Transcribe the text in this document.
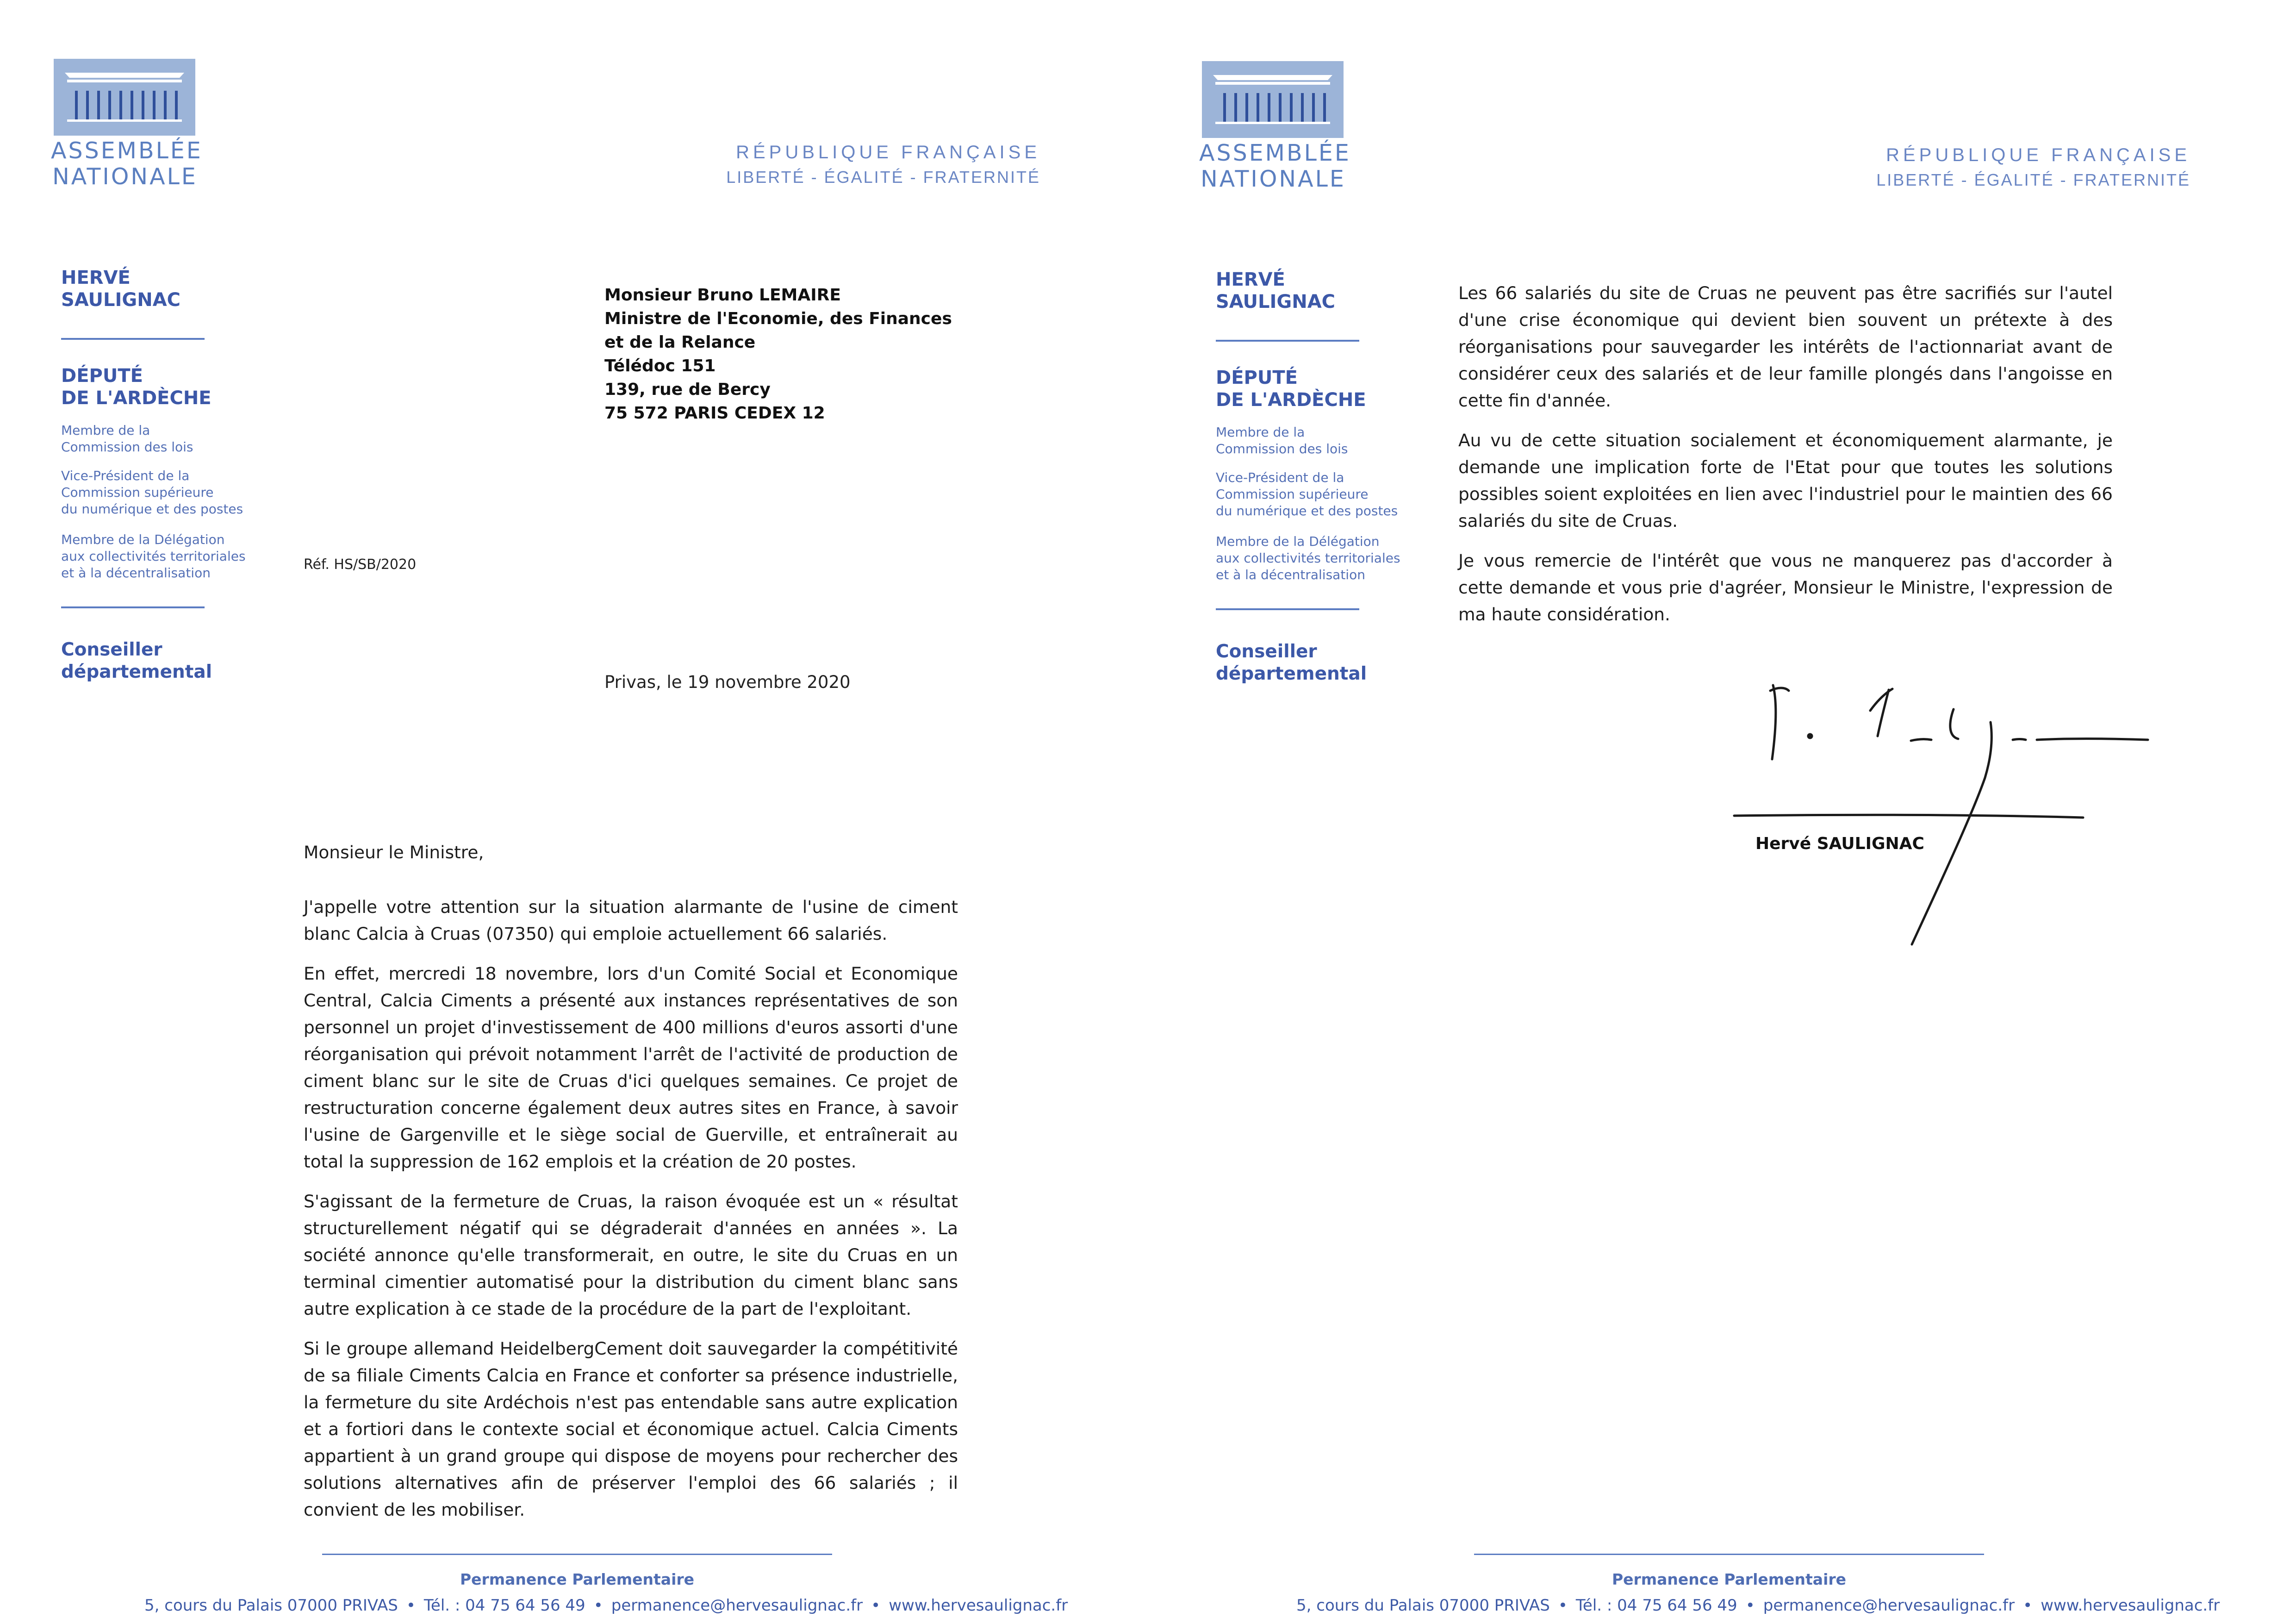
ASSEMBLÉE
NATIONALE
RÉPUBLIQUE FRANÇAISE
LIBERTÉ - ÉGALITÉ - FRATERNITÉ
HERVÉ
SAULIGNAC
DÉPUTÉ
DE L'ARDÈCHE
Membre de la
Commission des lois
Vice-Président de la
Commission supérieure
du numérique et des postes
Membre de la Délégation
aux collectivités territoriales
et à la décentralisation
Conseiller
départemental
Monsieur Bruno LEMAIRE
Ministre de l'Economie, des Finances
et de la Relance
Télédoc 151
139, rue de Bercy
75 572 PARIS CEDEX 12
Réf. HS/SB/2020
Privas, le 19 novembre 2020
Monsieur le Ministre,

J'appelle votre attention sur la situation alarmante de l'usine de ciment blanc Calcia à Cruas (07350) qui emploie actuellement 66 salariés.

En effet, mercredi 18 novembre, lors d'un Comité Social et Economique Central, Calcia Ciments a présenté aux instances représentatives de son personnel un projet d'investissement de 400 millions d'euros assorti d'une réorganisation qui prévoit notamment l'arrêt de l'activité de production de ciment blanc sur le site de Cruas d'ici quelques semaines. Ce projet de restructuration concerne également deux autres sites en France, à savoir l'usine de Gargenville et le siège social de Guerville, et entraînerait au total la suppression de 162 emplois et la création de 20 postes.

S'agissant de la fermeture de Cruas, la raison évoquée est un « résultat structurellement négatif qui se dégraderait d'années en années ». La société annonce qu'elle transformerait, en outre, le site du Cruas en un terminal cimentier automatisé pour la distribution du ciment blanc sans autre explication à ce stade de la procédure de la part de l'exploitant.

Si le groupe allemand HeidelbergCement doit sauvegarder la compétitivité de sa filiale Ciments Calcia en France et conforter sa présence industrielle, la fermeture du site Ardéchois n'est pas entendable sans autre explication et a fortiori dans le contexte social et économique actuel. Calcia Ciments appartient à un grand groupe qui dispose de moyens pour rechercher des solutions alternatives afin de préserver l'emploi des 66 salariés ; il convient de les mobiliser.

Permanence Parlementaire
5, cours du Palais 07000 PRIVAS • Tél. : 04 75 64 56 49 • permanence@hervesaulignac.fr • www.hervesaulignac.fr
ASSEMBLÉE
NATIONALE
RÉPUBLIQUE FRANÇAISE
LIBERTÉ - ÉGALITÉ - FRATERNITÉ
HERVÉ
SAULIGNAC
DÉPUTÉ
DE L'ARDÈCHE
Membre de la
Commission des lois
Vice-Président de la
Commission supérieure
du numérique et des postes
Membre de la Délégation
aux collectivités territoriales
et à la décentralisation
Conseiller
départemental

Les 66 salariés du site de Cruas ne peuvent pas être sacrifiés sur l'autel d'une crise économique qui devient bien souvent un prétexte à des réorganisations pour sauvegarder les intérêts de l'actionnariat avant de considérer ceux des salariés et de leur famille plongés dans l'angoisse en cette fin d'année.

Au vu de cette situation socialement et économiquement alarmante, je demande une implication forte de l'Etat pour que toutes les solutions possibles soient exploitées en lien avec l'industriel pour le maintien des 66 salariés du site de Cruas.

Je vous remercie de l'intérêt que vous ne manquerez pas d'accorder à cette demande et vous prie d'agréer, Monsieur le Ministre, l'expression de ma haute considération.

Hervé SAULIGNAC
Permanence Parlementaire
5, cours du Palais 07000 PRIVAS • Tél. : 04 75 64 56 49 • permanence@hervesaulignac.fr • www.hervesaulignac.fr
